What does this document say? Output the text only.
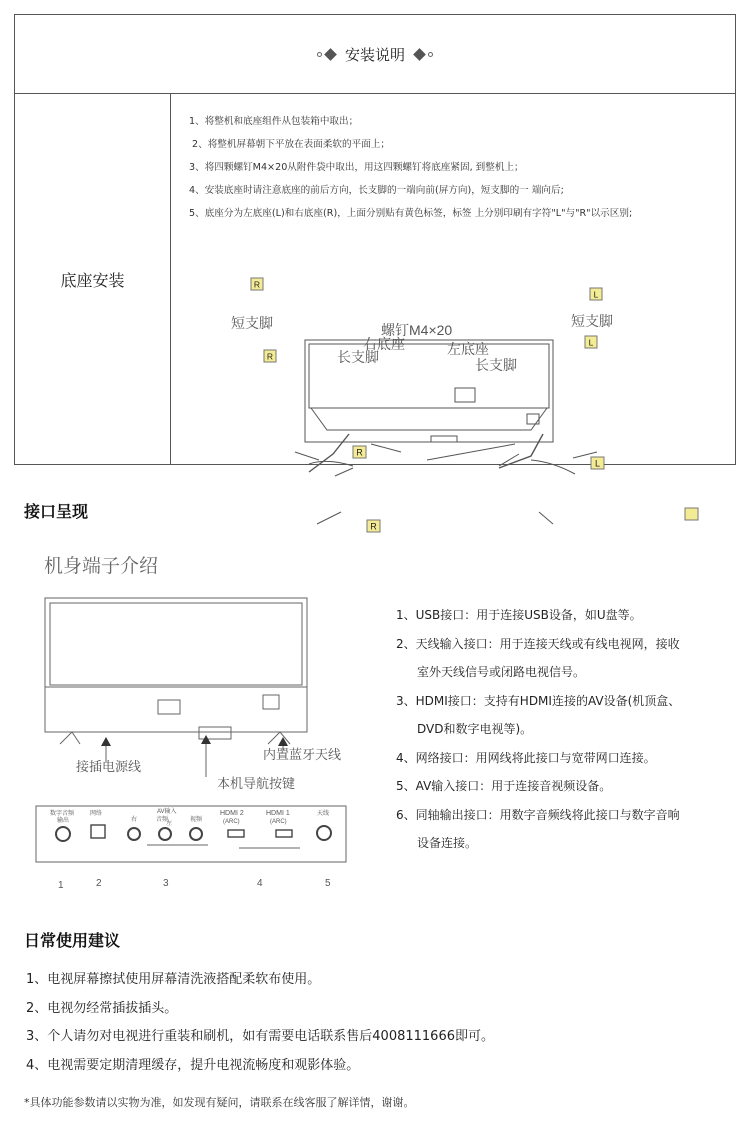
安装说明
底座安装
1、将整机和底座组件从包装箱中取出；
2、将整机屏幕朝下平放在表面柔软的平面上；
3、将四颗螺钉M4×20从附件袋中取出，用这四颗螺钉将底座紧固, 到整机上；
4、安装底座时请注意底座的前后方向，长支脚的一端向前(屏方向)，短支脚的一 端向后;
5、底座分为左底座(L)和右底座(R)，上面分别贴有黄色标签，标签 上分别印刷有字符"L"与"R"以示区别;
R
L
R
R
L
R
L
短支脚
长支脚
螺钉M4×20
右底座	左底座
短支脚
长支脚
接口呈现
机身端子介绍
接插电源线
本机导航按键
内置蓝牙天线
数字音频
输出
网络	AV输入
右	音频
左
视频
HDMI 2	HDMI 1
(ARC)
(ARC)
天线
1	2	3	4	5
1、USB接口：用于连接USB设备，如U盘等。
2、天线输入接口：用于连接天线或有线电视网，接收
室外天线信号或闭路电视信号。
3、HDMI接口：支持有HDMI连接的AV设备(机顶盒、
DVD和数字电视等)。
4、网络接口：用网线将此接口与宽带网口连接。
5、AV输入接口：用于连接音视频设备。
6、同轴输出接口：用数字音频线将此接口与数字音响
设备连接。
日常使用建议
1、电视屏幕擦拭使用屏幕清洗液搭配柔软布使用。
2、电视勿经常插拔插头。
3、个人请勿对电视进行重装和刷机，如有需要电话联系售后4008111666即可。
4、电视需要定期清理缓存，提升电视流畅度和观影体验。
*具体功能参数请以实物为准，如发现有疑问，请联系在线客服了解详情，谢谢。
